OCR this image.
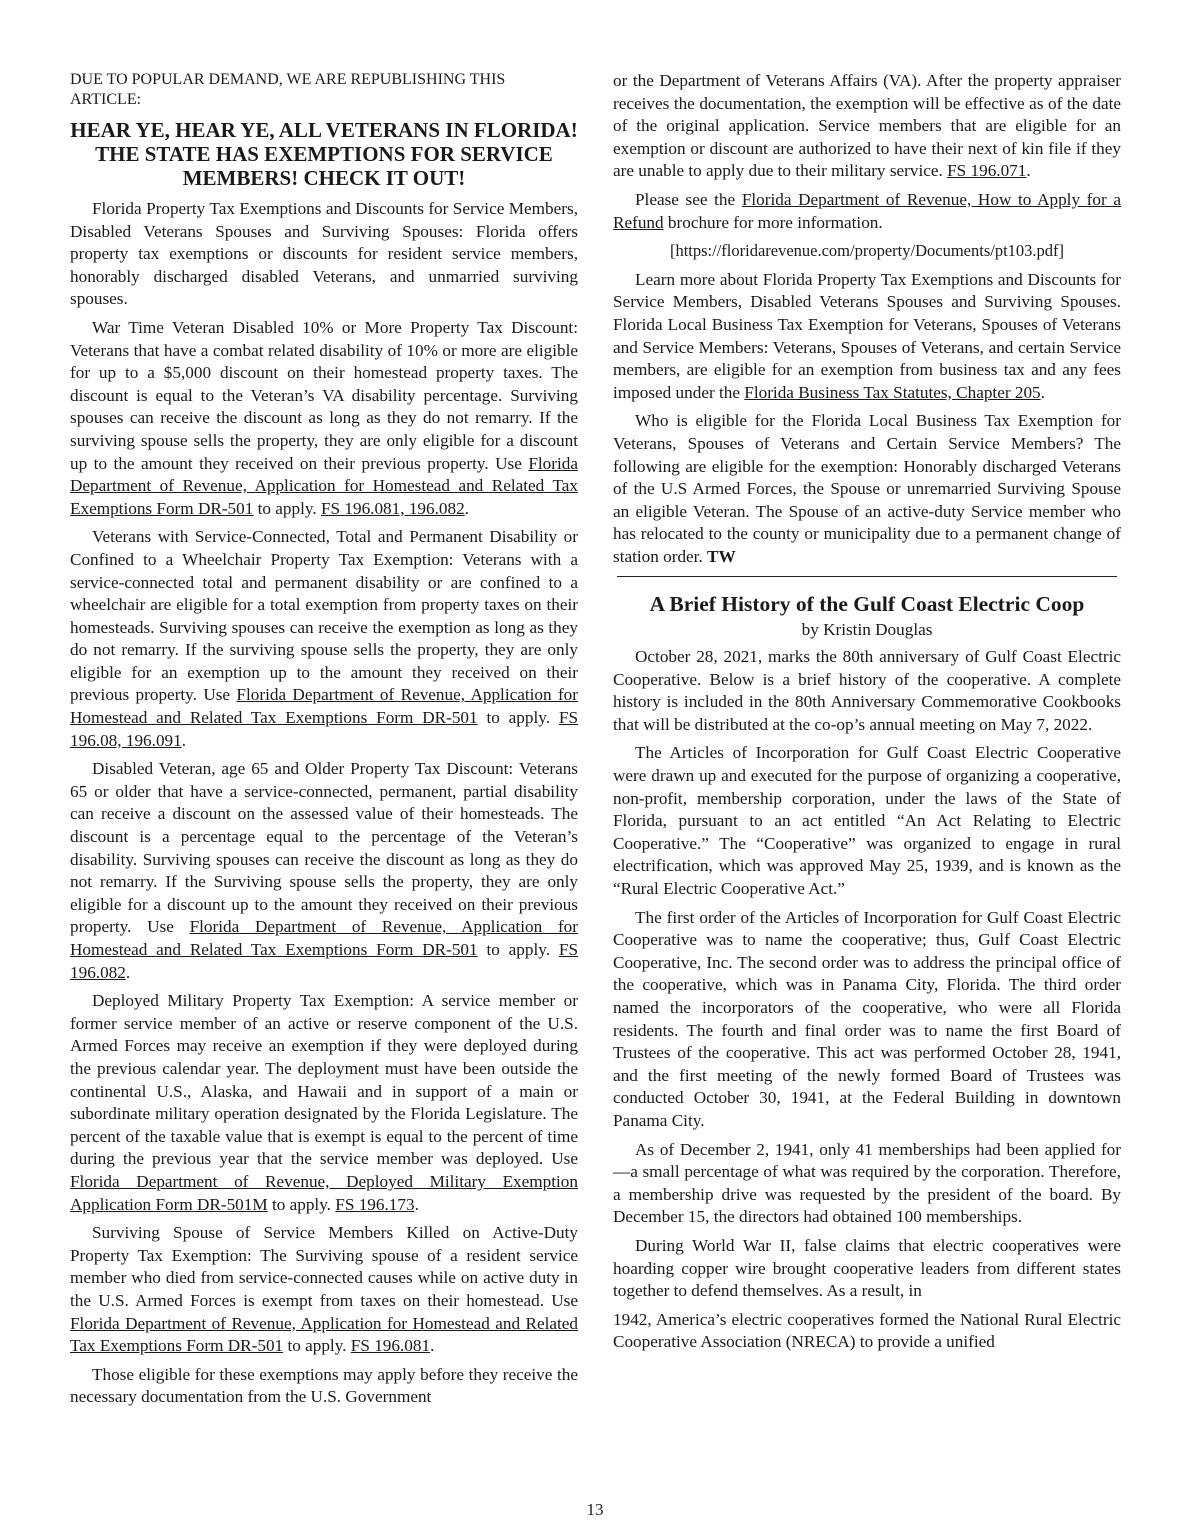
DUE TO POPULAR DEMAND, WE ARE REPUBLISHING THIS ARTICLE:

HEAR YE, HEAR YE, ALL VETERANS IN FLORIDA! THE STATE HAS EXEMPTIONS FOR SERVICE MEMBERS! CHECK IT OUT!

Florida Property Tax Exemptions and Discounts for Service Members, Disabled Veterans Spouses and Surviving Spouses: Florida offers property tax exemptions or discounts for resident service members, honorably discharged disabled Veterans, and unmarried surviving spouses.

War Time Veteran Disabled 10% or More Property Tax Discount: Veterans that have a combat related disability of 10% or more are eligible for up to a $5,000 discount on their homestead property taxes. The discount is equal to the Veteran’s VA disability percentage. Surviving spouses can receive the discount as long as they do not remarry. If the surviving spouse sells the property, they are only eligible for a discount up to the amount they received on their previous property. Use Florida Department of Revenue, Application for Homestead and Related Tax Exemptions Form DR-501 to apply. FS 196.081, 196.082.

Veterans with Service-Connected, Total and Permanent Disability or Confined to a Wheelchair Property Tax Exemption: Veterans with a service-connected total and permanent disability or are confined to a wheelchair are eligible for a total exemption from property taxes on their homesteads. Surviving spouses can receive the exemption as long as they do not remarry. If the surviving spouse sells the property, they are only eligible for an exemption up to the amount they received on their previous property. Use Florida Department of Revenue, Application for Homestead and Related Tax Exemptions Form DR-501 to apply. FS 196.08, 196.091.

Disabled Veteran, age 65 and Older Property Tax Discount: Veterans 65 or older that have a service-connected, permanent, partial disability can receive a discount on the assessed value of their homesteads. The discount is a percentage equal to the percentage of the Veteran’s disability. Surviving spouses can receive the discount as long as they do not remarry. If the Surviving spouse sells the property, they are only eligible for a discount up to the amount they received on their previous property. Use Florida Department of Revenue, Application for Homestead and Related Tax Exemptions Form DR-501 to apply. FS 196.082.

Deployed Military Property Tax Exemption: A service member or former service member of an active or reserve component of the U.S. Armed Forces may receive an exemption if they were deployed during the previous calendar year. The deployment must have been outside the continental U.S., Alaska, and Hawaii and in support of a main or subordinate military operation designated by the Florida Legislature. The percent of the taxable value that is exempt is equal to the percent of time during the previous year that the service member was deployed. Use Florida Department of Revenue, Deployed Military Exemption Application Form DR-501M to apply. FS 196.173.

Surviving Spouse of Service Members Killed on Active-Duty Property Tax Exemption: The Surviving spouse of a resident service member who died from service-connected causes while on active duty in the U.S. Armed Forces is exempt from taxes on their homestead. Use Florida Department of Revenue, Application for Homestead and Related Tax Exemptions Form DR-501 to apply. FS 196.081.

Those eligible for these exemptions may apply before they receive the necessary documentation from the U.S. Government

or the Department of Veterans Affairs (VA). After the property appraiser receives the documentation, the exemption will be effective as of the date of the original application. Service members that are eligible for an exemption or discount are authorized to have their next of kin file if they are unable to apply due to their military service. FS 196.071.

Please see the Florida Department of Revenue, How to Apply for a Refund brochure for more information.

[https://floridarevenue.com/property/Documents/pt103.pdf]

Learn more about Florida Property Tax Exemptions and Discounts for Service Members, Disabled Veterans Spouses and Surviving Spouses. Florida Local Business Tax Exemption for Veterans, Spouses of Veterans and Service Members: Veterans, Spouses of Veterans, and certain Service members, are eligible for an exemption from business tax and any fees imposed under the Florida Business Tax Statutes, Chapter 205.

Who is eligible for the Florida Local Business Tax Exemption for Veterans, Spouses of Veterans and Certain Service Members? The following are eligible for the exemption: Honorably discharged Veterans of the U.S Armed Forces, the Spouse or unremarried Surviving Spouse an eligible Veteran. The Spouse of an active-duty Service member who has relocated to the county or municipality due to a permanent change of station order. TW

A Brief History of the Gulf Coast Electric Coop

by Kristin Douglas

October 28, 2021, marks the 80th anniversary of Gulf Coast Electric Cooperative. Below is a brief history of the cooperative. A complete history is included in the 80th Anniversary Commemorative Cookbooks that will be distributed at the co-op’s annual meeting on May 7, 2022.

The Articles of Incorporation for Gulf Coast Electric Cooperative were drawn up and executed for the purpose of organizing a cooperative, non-profit, membership corporation, under the laws of the State of Florida, pursuant to an act entitled “An Act Relating to Electric Cooperative.” The “Cooperative” was organized to engage in rural electrification, which was approved May 25, 1939, and is known as the “Rural Electric Cooperative Act.”

The first order of the Articles of Incorporation for Gulf Coast Electric Cooperative was to name the cooperative; thus, Gulf Coast Electric Cooperative, Inc. The second order was to address the principal office of the cooperative, which was in Panama City, Florida. The third order named the incorporators of the cooperative, who were all Florida residents. The fourth and final order was to name the first Board of Trustees of the cooperative. This act was performed October 28, 1941, and the first meeting of the newly formed Board of Trustees was conducted October 30, 1941, at the Federal Building in downtown Panama City.

As of December 2, 1941, only 41 memberships had been applied for—a small percentage of what was required by the corporation. Therefore, a membership drive was requested by the president of the board. By December 15, the directors had obtained 100 memberships.

During World War II, false claims that electric cooperatives were hoarding copper wire brought cooperative leaders from different states together to defend themselves. As a result, in

1942, America’s electric cooperatives formed the National Rural Electric Cooperative Association (NRECA) to provide a unified

13
